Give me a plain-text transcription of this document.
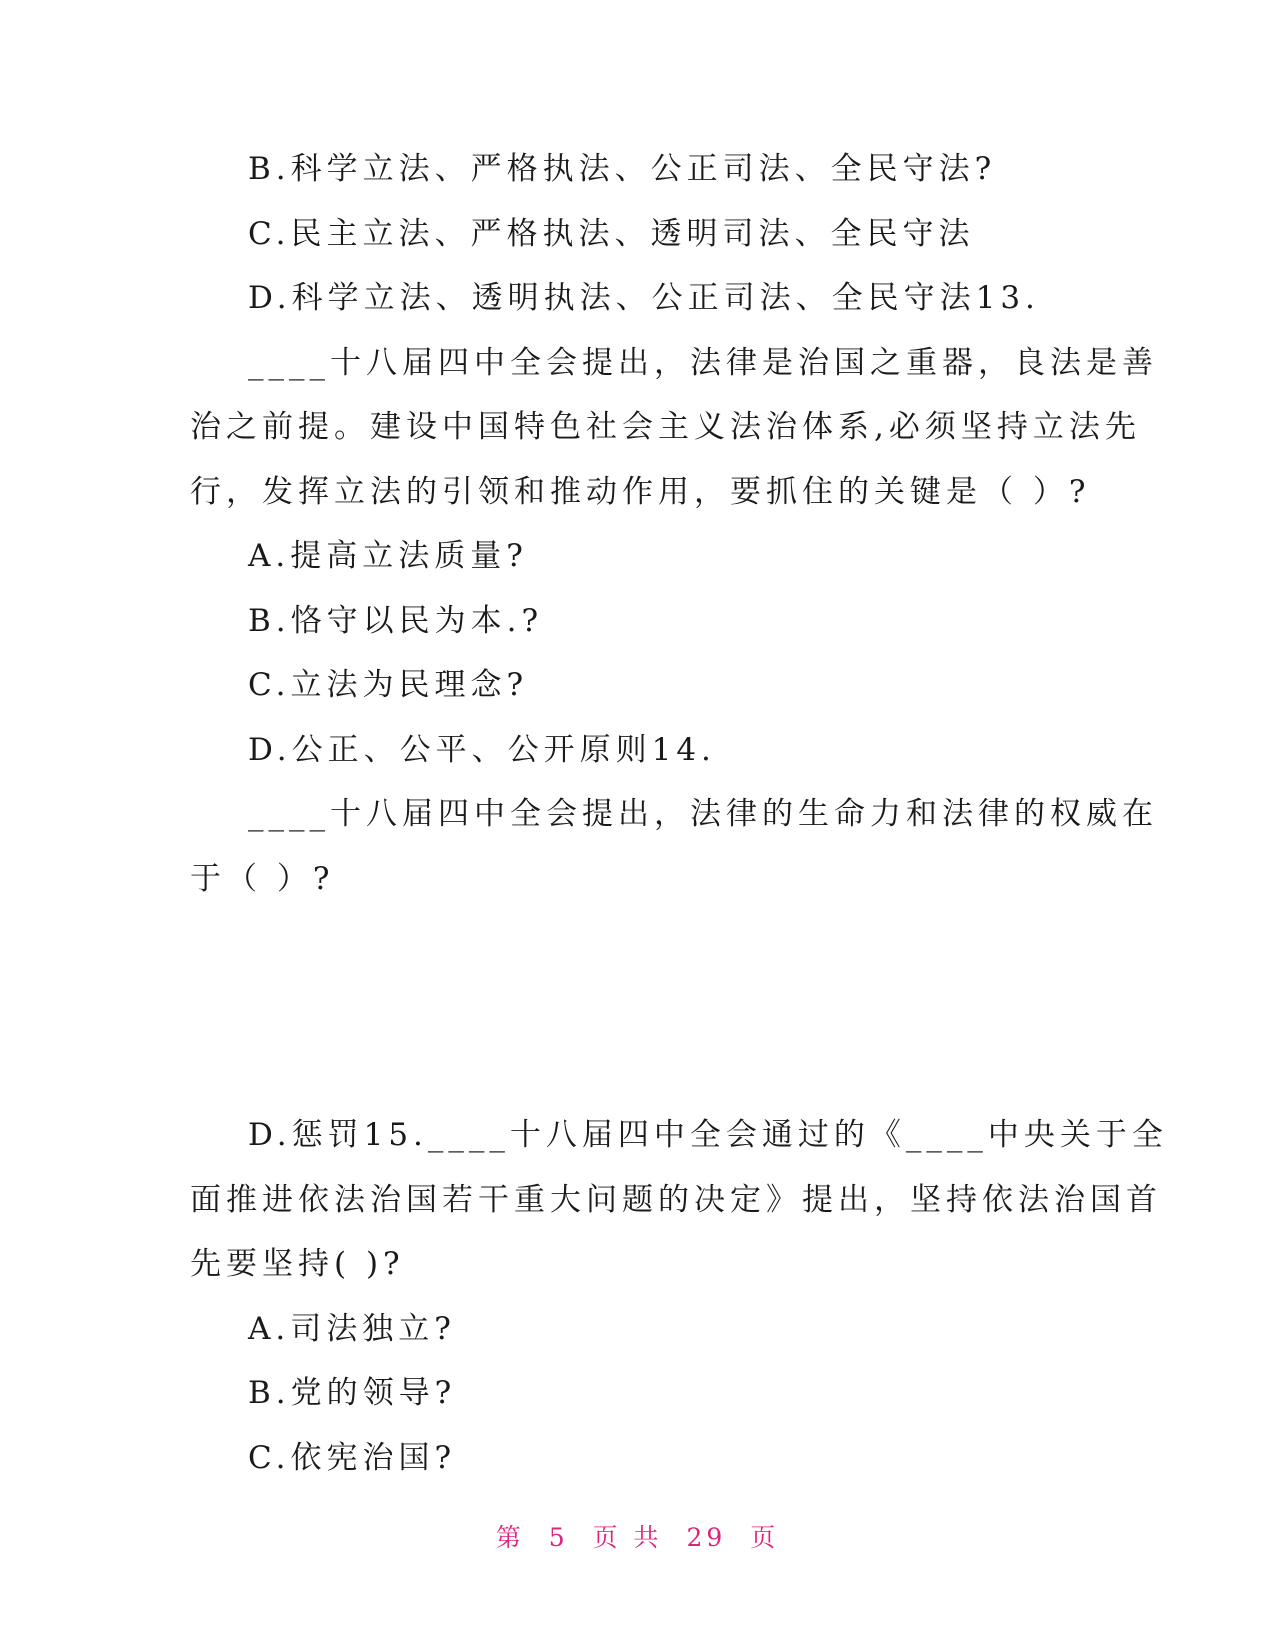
B.科学立法、严格执法、公正司法、全民守法?
C.民主立法、严格执法、透明司法、全民守法
D.科学立法、透明执法、公正司法、全民守法13.
____十八届四中全会提出，法律是治国之重器，良法是善
治之前提。建设中国特色社会主义法治体系,必须坚持立法先
行，发挥立法的引领和推动作用，要抓住的关键是（ ）?
A.提高立法质量?
B.恪守以民为本.?
C.立法为民理念?
D.公正、公平、公开原则14.
____十八届四中全会提出，法律的生命力和法律的权威在
于（ ）?
D.惩罚15.____十八届四中全会通过的《____中央关于全
面推进依法治国若干重大问题的决定》提出，坚持依法治国首
先要坚持( )?
A.司法独立?
B.党的领导?
C.依宪治国?
第 5 页 共 29 页
